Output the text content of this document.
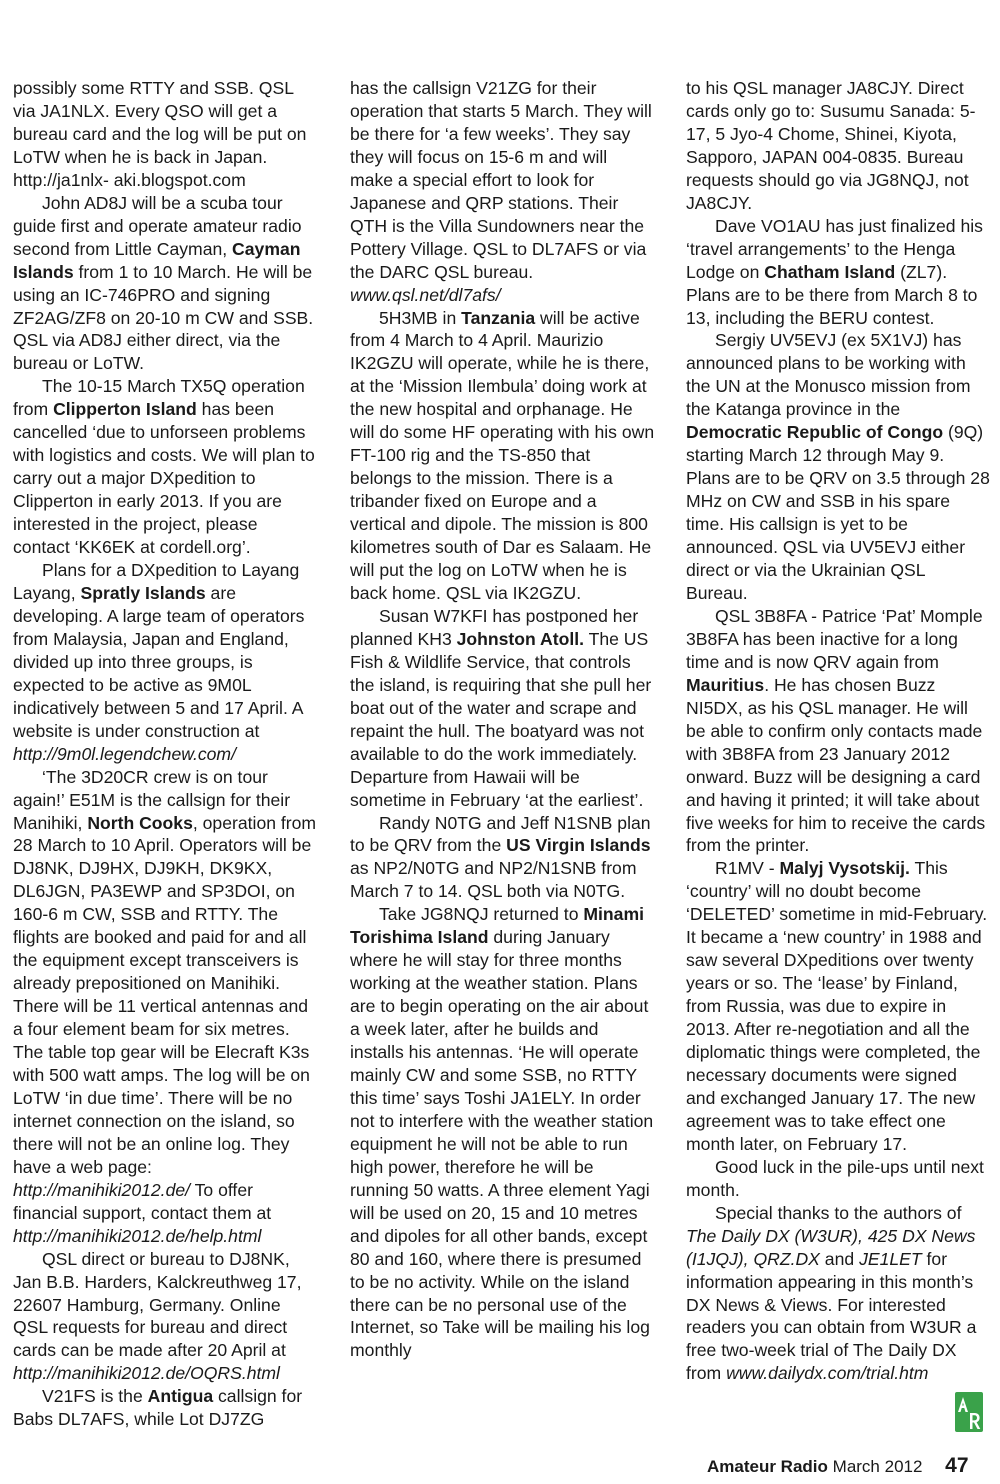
possibly some RTTY and SSB. QSL via JA1NLX. Every QSO will get a bureau card and the log will be put on LoTW when he is back in Japan. http://ja1nlx- aki.blogspot.com

John AD8J will be a scuba tour guide first and operate amateur radio second from Little Cayman, Cayman Islands from 1 to 10 March. He will be using an IC-746PRO and signing ZF2AG/ZF8 on 20-10 m CW and SSB. QSL via AD8J either direct, via the bureau or LoTW.

The 10-15 March TX5Q operation from Clipperton Island has been cancelled ‘due to unforseen problems with logistics and costs. We will plan to carry out a major DXpedition to Clipperton in early 2013. If you are interested in the project, please contact ‘KK6EK at cordell.org’.

Plans for a DXpedition to Layang Layang, Spratly Islands are developing. A large team of operators from Malaysia, Japan and England, divided up into three groups, is expected to be active as 9M0L indicatively between 5 and 17 April. A website is under construction at http://9m0l.legendchew.com/

‘The 3D20CR crew is on tour again!’ E51M is the callsign for their Manihiki, North Cooks, operation from 28 March to 10 April. Operators will be DJ8NK, DJ9HX, DJ9KH, DK9KX, DL6JGN, PA3EWP and SP3DOI, on 160-6 m CW, SSB and RTTY. The flights are booked and paid for and all the equipment except transceivers is already prepositioned on Manihiki. There will be 11 vertical antennas and a four element beam for six metres. The table top gear will be Elecraft K3s with 500 watt amps. The log will be on LoTW ‘in due time’. There will be no internet connection on the island, so there will not be an online log. They have a web page: http://manihiki2012.de/ To offer financial support, contact them at http://manihiki2012.de/help.html

QSL direct or bureau to DJ8NK, Jan B.B. Harders, Kalckreuthweg 17, 22607 Hamburg, Germany. Online QSL requests for bureau and direct cards can be made after 20 April at http://manihiki2012.de/OQRS.html

V21FS is the Antigua callsign for Babs DL7AFS, while Lot DJ7ZG

has the callsign V21ZG for their operation that starts 5 March. They will be there for ‘a few weeks’. They say they will focus on 15-6 m and will make a special effort to look for Japanese and QRP stations. Their QTH is the Villa Sundowners near the Pottery Village. QSL to DL7AFS or via the DARC QSL bureau. www.qsl.net/dl7afs/

5H3MB in Tanzania will be active from 4 March to 4 April. Maurizio IK2GZU will operate, while he is there, at the ‘Mission Ilembula’ doing work at the new hospital and orphanage. He will do some HF operating with his own FT-100 rig and the TS-850 that belongs to the mission. There is a tribander fixed on Europe and a vertical and dipole. The mission is 800 kilometres south of Dar es Salaam. He will put the log on LoTW when he is back home. QSL via IK2GZU.

Susan W7KFI has postponed her planned KH3 Johnston Atoll. The US Fish & Wildlife Service, that controls the island, is requiring that she pull her boat out of the water and scrape and repaint the hull. The boatyard was not available to do the work immediately. Departure from Hawaii will be sometime in February ‘at the earliest’.

Randy N0TG and Jeff N1SNB plan to be QRV from the US Virgin Islands as NP2/N0TG and NP2/N1SNB from March 7 to 14. QSL both via N0TG.

Take JG8NQJ returned to Minami Torishima Island during January where he will stay for three months working at the weather station. Plans are to begin operating on the air about a week later, after he builds and installs his antennas. ‘He will operate mainly CW and some SSB, no RTTY this time’ says Toshi JA1ELY. In order not to interfere with the weather station equipment he will not be able to run high power, therefore he will be running 50 watts. A three element Yagi will be used on 20, 15 and 10 metres and dipoles for all other bands, except 80 and 160, where there is presumed to be no activity. While on the island there can be no personal use of the Internet, so Take will be mailing his log monthly

to his QSL manager JA8CJY. Direct cards only go to: Susumu Sanada: 5-17, 5 Jyo-4 Chome, Shinei, Kiyota, Sapporo, JAPAN 004-0835. Bureau requests should go via JG8NQJ, not JA8CJY.

Dave VO1AU has just finalized his ‘travel arrangements’ to the Henga Lodge on Chatham Island (ZL7). Plans are to be there from March 8 to 13, including the BERU contest.

Sergiy UV5EVJ (ex 5X1VJ) has announced plans to be working with the UN at the Monusco mission from the Katanga province in the Democratic Republic of Congo (9Q) starting March 12 through May 9. Plans are to be QRV on 3.5 through 28 MHz on CW and SSB in his spare time. His callsign is yet to be announced. QSL via UV5EVJ either direct or via the Ukrainian QSL Bureau.

QSL 3B8FA - Patrice ‘Pat’ Momple 3B8FA has been inactive for a long time and is now QRV again from Mauritius. He has chosen Buzz NI5DX, as his QSL manager. He will be able to confirm only contacts made with 3B8FA from 23 January 2012 onward. Buzz will be designing a card and having it printed; it will take about five weeks for him to receive the cards from the printer.

R1MV - Malyj Vysotskij. This ‘country’ will no doubt become ‘DELETED’ sometime in mid-February. It became a ‘new country’ in 1988 and saw several DXpeditions over twenty years or so. The ‘lease’ by Finland, from Russia, was due to expire in 2013. After re-negotiation and all the diplomatic things were completed, the necessary documents were signed and exchanged January 17. The new agreement was to take effect one month later, on February 17.

Good luck in the pile-ups until next month.

Special thanks to the authors of The Daily DX (W3UR), 425 DX News (I1JQJ), QRZ.DX and JE1LET for information appearing in this month’s DX News & Views. For interested readers you can obtain from W3UR a free two-week trial of The Daily DX from www.dailydx.com/trial.htm

Amateur Radio March 2012 47
